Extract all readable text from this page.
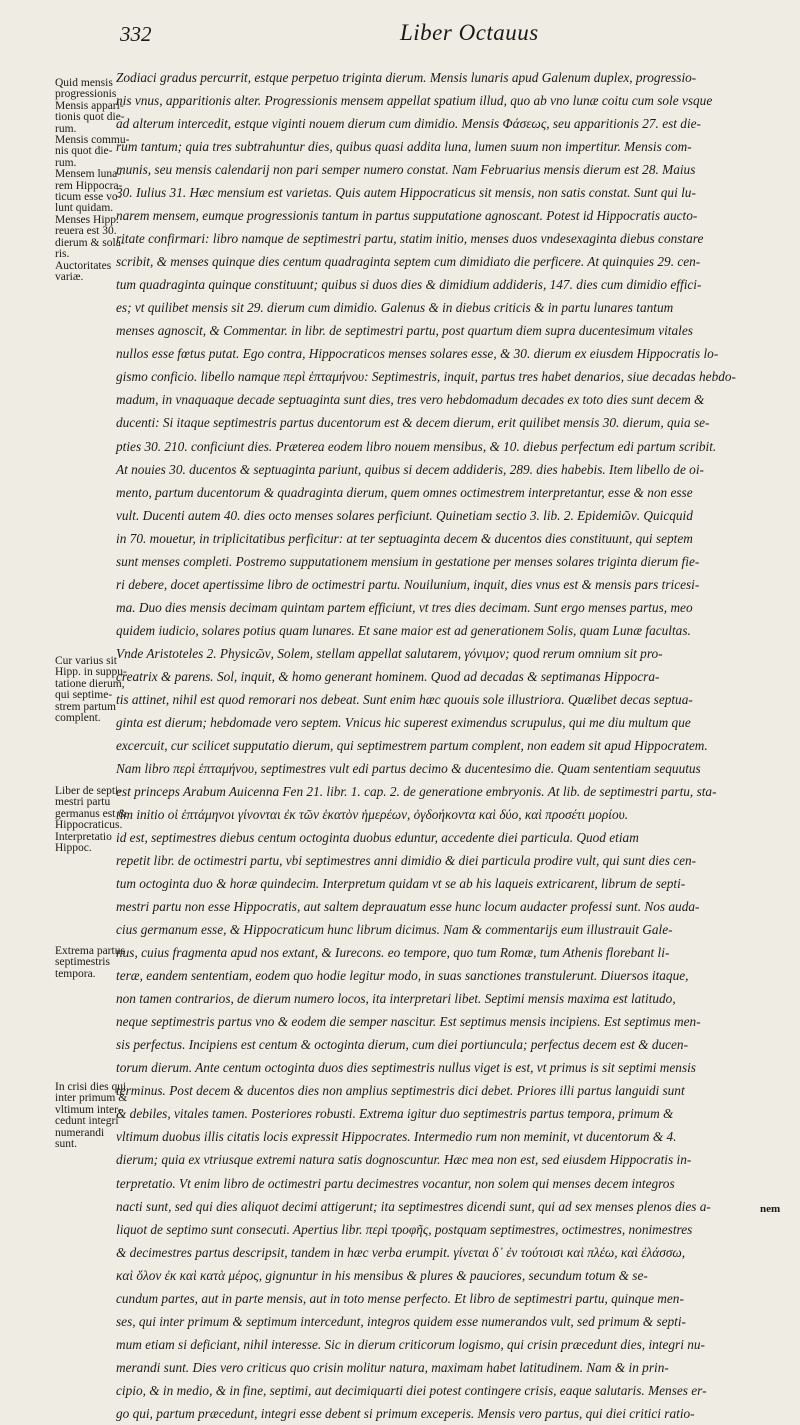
332	Liber Octauus
Quid mensis
progressionis
Mensis appari-
tionis quot die-
rum.
Mensis commu-
nis quot die-
rum.
Mensem luna-
rem Hippocra-
ticum esse vo-
lunt quidam.
Menses Hipp.
reuera est 30.
dierum & sola-
ris.
Auctoritates
variæ.
Cur varius sit
Hipp. in suppu-
tatione dierum,
qui septime-
strem partum
complent.
Liber de septi-
mestri partu
germanus est &
Hippocraticus.
Interpretatio
Hippoc.
Extrema partus
septimestris
tempora.
In crisi dies qui
inter primum &
vltimum inter-
cedunt integri
numerandi
sunt.
Zodiaci gradus percurrit, estque perpetuo triginta dierum. Mensis lunaris apud Galenum duplex, progressio-
nis vnus, apparitionis alter. Progressionis mensem appellat spatium illud, quo ab vno lunæ coitu cum sole vsque
ad alterum intercedit, estque viginti nouem dierum cum dimidio. Mensis Φάσεως, seu apparitionis 27. est die-
rum tantum; quia tres subtrahuntur dies, quibus quasi addita luna, lumen suum non impertitur. Mensis com-
munis, seu mensis calendarij non pari semper numero constat. Nam Februarius mensis dierum est 28. Maius
30. Iulius 31. Hæc mensium est varietas. Quis autem Hippocraticus sit mensis, non satis constat. Sunt qui lu-
narem mensem, eumque progressionis tantum in partus supputatione agnoscant. Potest id Hippocratis aucto-
ritate confirmari: libro namque de septimestri partu, statim initio, menses duos vndesexaginta diebus constare
scribit, & menses quinque dies centum quadraginta septem cum dimidiato die perficere. At quinquies 29. cen-
tum quadraginta quinque constituunt; quibus si duos dies & dimidium addideris, 147. dies cum dimidio effici-
es; vt quilibet mensis sit 29. dierum cum dimidio. Galenus & in diebus criticis & in partu lunares tantum
menses agnoscit, & Commentar. in libr. de septimestri partu, post quartum diem supra ducentesimum vitales
nullos esse fœtus putat. Ego contra, Hippocraticos menses solares esse, & 30. dierum ex eiusdem Hippocratis lo-
gismo conficio. libello namque περὶ ἑπταμήνου: Septimestris, inquit, partus tres habet denarios, siue decadas hebdo-
madum, in vnaquaque decade septuaginta sunt dies, tres vero hebdomadum decades ex toto dies sunt decem &
ducenti: Si itaque septimestris partus ducentorum est & decem dierum, erit quilibet mensis 30. dierum, quia se-
pties 30. 210. conficiunt dies. Præterea eodem libro nouem mensibus, & 10. diebus perfectum edi partum scribit.
At nouies 30. ducentos & septuaginta pariunt, quibus si decem addideris, 289. dies habebis. Item libello de oi-
mento, partum ducentorum & quadraginta dierum, quem omnes octimestrem interpretantur, esse & non esse
vult. Ducenti autem 40. dies octo menses solares perficiunt. Quinetiam sectio 3. lib. 2. Epidemiῶν. Quicquid
in 70. mouetur, in triplicitatibus perficitur: at ter septuaginta decem & ducentos dies constituunt, qui septem
sunt menses completi. Postremo supputationem mensium in gestatione per menses solares triginta dierum fie-
ri debere, docet apertissime libro de octimestri partu. Nouilunium, inquit, dies vnus est & mensis pars tricesi-
ma. Duo dies mensis decimam quintam partem efficiunt, vt tres dies decimam. Sunt ergo menses partus, meo
quidem iudicio, solares potius quam lunares. Et sane maior est ad generationem Solis, quam Lunæ facultas.
Vnde Aristoteles 2. Physicῶν, Solem, stellam appellat salutarem, γόνιμον; quod rerum omnium sit pro-
creatrix & parens. Sol, inquit, & homo generant hominem. Quod ad decadas & septimanas Hippocra-
tis attinet, nihil est quod remorari nos debeat. Sunt enim hæc quouis sole illustriora. Quælibet decas septua-
ginta est dierum; hebdomade vero septem. Vnicus hic superest eximendus scrupulus, qui me diu multum que
excercuit, cur scilicet supputatio dierum, qui septimestrem partum complent, non eadem sit apud Hippocratem.
Nam libro περὶ ἑπταμήνου, septimestres vult edi partus decimo & ducentesimo die. Quam sententiam sequutus
est princeps Arabum Auicenna Fen 21. libr. 1. cap. 2. de generatione embryonis. At lib. de septimestri partu, sta-
tim initio οἱ ἑπτάμηνοι γίνονται ἐκ τῶν ἑκατὸν ἡμερέων, ὀγδοήκοντα καὶ δύο, καὶ προσέτι μορίου.
id est, septimestres diebus centum octoginta duobus eduntur, accedente diei particula. Quod etiam
repetit libr. de octimestri partu, vbi septimestres anni dimidio & diei particula prodire vult, qui sunt dies cen-
tum octoginta duo & horæ quindecim. Interpretum quidam vt se ab his laqueis extricarent, librum de septi-
mestri partu non esse Hippocratis, aut saltem deprauatum esse hunc locum audacter professi sunt. Nos auda-
cius germanum esse, & Hippocraticum hunc librum dicimus. Nam & commentarijs eum illustrauit Gale-
nus, cuius fragmenta apud nos extant, & Iurecons. eo tempore, quo tum Romæ, tum Athenis florebant li-
teræ, eandem sententiam, eodem quo hodie legitur modo, in suas sanctiones transtulerunt. Diuersos itaque,
non tamen contrarios, de dierum numero locos, ita interpretari libet. Septimi mensis maxima est latitudo,
neque septimestris partus vno & eodem die semper nascitur. Est septimus mensis incipiens. Est septimus men-
sis perfectus. Incipiens est centum & octoginta dierum, cum diei portiuncula; perfectus decem est & ducen-
torum dierum. Ante centum octoginta duos dies septimestris nullus viget is est, vt primus is sit septimi mensis
terminus. Post decem & ducentos dies non amplius septimestris dici debet. Priores illi partus languidi sunt
& debiles, vitales tamen. Posteriores robusti. Extrema igitur duo septimestris partus tempora, primum &
vltimum duobus illis citatis locis expressit Hippocrates. Intermedio rum non meminit, vt ducentorum & 4.
dierum; quia ex vtriusque extremi natura satis dognoscuntur. Hæc mea non est, sed eiusdem Hippocratis in-
terpretatio. Vt enim libro de octimestri partu decimestres vocantur, non solem qui menses decem integros
nacti sunt, sed qui dies aliquot decimi attigerunt; ita septimestres dicendi sunt, qui ad sex menses plenos dies a-
liquot de septimo sunt consecuti. Apertius libr. περὶ τροφῆς, postquam septimestres, octimestres, nonimestres
& decimestres partus descripsit, tandem in hæc verba erumpit. γίνεται δ᾽ ἐν τούτοισι καὶ πλέω, καὶ ἐλάσσω,
καὶ ὅλον ἐκ καὶ κατὰ μέρος, gignuntur in his mensibus & plures & pauciores, secundum totum & se-
cundum partes, aut in parte mensis, aut in toto mense perfecto. Et libro de septimestri partu, quinque men-
ses, qui inter primum & septimum intercedunt, integros quidem esse numerandos vult, sed primum & septi-
mum etiam si deficiant, nihil interesse. Sic in dierum criticorum logismo, qui crisin præcedunt dies, integri nu-
merandi sunt. Dies vero criticus quo crisin molitur natura, maximam habet latitudinem. Nam & in prin-
cipio, & in medio, & in fine, septimi, aut decimiquarti diei potest contingere crisis, eaque salutaris. Menses er-
go qui, partum præcedunt, integri esse debent si primum exceperis. Mensis vero partus, qui diei critici ratio-
nem
